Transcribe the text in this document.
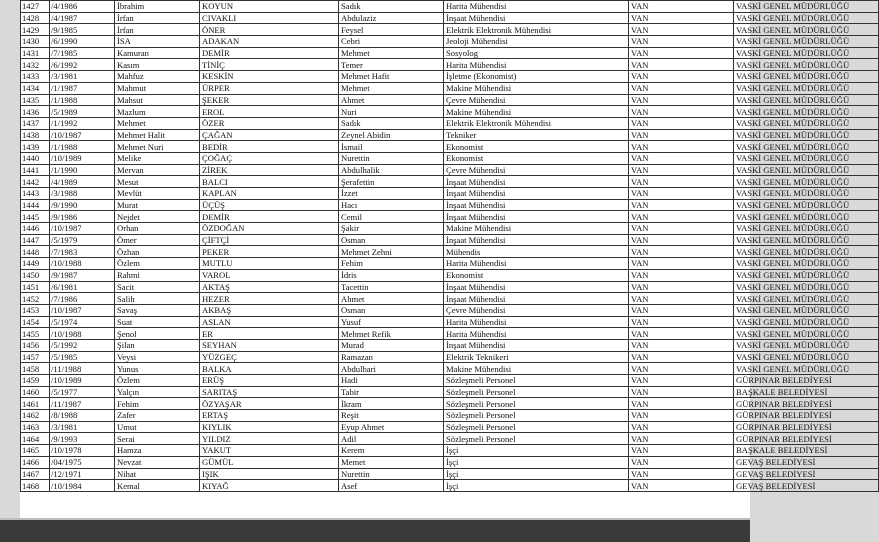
1427	/4/1986	İbrahim	KOYUN	Sadık	Harita Mühendisi	VAN	VASKİ GENEL MÜDÜRLÜĞÜ
1428	/4/1987	İrfan	CIVAKLI	Abdulaziz	İnşaat Mühendisi	VAN	VASKİ GENEL MÜDÜRLÜĞÜ
1429	/9/1985	İrfan	ÖNER	Feysel	Elektrik Elektronik Mühendisi	VAN	VASKİ GENEL MÜDÜRLÜĞÜ
1430	/6/1990	İSA	ADAKAN	Cebri	Jeoloji Mühendisi	VAN	VASKİ GENEL MÜDÜRLÜĞÜ
1431	/7/1985	Kamuran	DEMİR	Mehmet	Sosyolog	VAN	VASKİ GENEL MÜDÜRLÜĞÜ
1432	/6/1992	Kasım	TİNİÇ	Temer	Harita Mühendisi	VAN	VASKİ GENEL MÜDÜRLÜĞÜ
1433	/3/1981	Mahfuz	KESKİN	Mehmet Hafit	İşletme (Ekonomist)	VAN	VASKİ GENEL MÜDÜRLÜĞÜ
1434	/1/1987	Mahmut	ÜRPER	Mehmet	Makine Mühendisi	VAN	VASKİ GENEL MÜDÜRLÜĞÜ
1435	/1/1988	Mahsut	ŞEKER	Ahmet	Çevre Mühendisi	VAN	VASKİ GENEL MÜDÜRLÜĞÜ
1436	/5/1989	Mazlum	EROL	Nuri	Makine Mühendisi	VAN	VASKİ GENEL MÜDÜRLÜĞÜ
1437	/1/1992	Mehmet	ÖZER	Sadık	Elektrik Elektronik Mühendisi	VAN	VASKİ GENEL MÜDÜRLÜĞÜ
1438	/10/1987	Mehmet Halit	ÇAĞAN	Zeynel Abidin	Tekniker	VAN	VASKİ GENEL MÜDÜRLÜĞÜ
1439	/1/1988	Mehmet Nuri	BEDİR	İsmail	Ekonomist	VAN	VASKİ GENEL MÜDÜRLÜĞÜ
1440	/10/1989	Melike	ÇOĞAÇ	Nurettin	Ekonomist	VAN	VASKİ GENEL MÜDÜRLÜĞÜ
1441	/1/1990	Mervan	ZİREK	Abdulhalik	Çevre Mühendisi	VAN	VASKİ GENEL MÜDÜRLÜĞÜ
1442	/4/1989	Mesut	BALCI	Şerafettin	İnşaat Mühendisi	VAN	VASKİ GENEL MÜDÜRLÜĞÜ
1443	/3/1988	Mevlüt	KAPLAN	İzzet	İnşaat Mühendisi	VAN	VASKİ GENEL MÜDÜRLÜĞÜ
1444	/9/1990	Murat	ÜÇÜŞ	Hacı	İnşaat Mühendisi	VAN	VASKİ GENEL MÜDÜRLÜĞÜ
1445	/9/1986	Nejdet	DEMİR	Cemil	İnşaat Mühendisi	VAN	VASKİ GENEL MÜDÜRLÜĞÜ
1446	/10/1987	Orhan	ÖZDOĞAN	Şakir	Makine Mühendisi	VAN	VASKİ GENEL MÜDÜRLÜĞÜ
1447	/5/1979	Ömer	ÇİFTÇİ	Osman	İnşaat Mühendisi	VAN	VASKİ GENEL MÜDÜRLÜĞÜ
1448	/7/1983	Özhan	PEKER	Mehmet Zehni	Mühendis	VAN	VASKİ GENEL MÜDÜRLÜĞÜ
1449	/10/1988	Özlem	MUTLU	Fehim	Harita Mühendisi	VAN	VASKİ GENEL MÜDÜRLÜĞÜ
1450	/9/1987	Rahmi	VAROL	İdris	Ekonomist	VAN	VASKİ GENEL MÜDÜRLÜĞÜ
1451	/6/1981	Sacit	AKTAŞ	Tacettin	İnşaat Mühendisi	VAN	VASKİ GENEL MÜDÜRLÜĞÜ
1452	/7/1986	Salih	HEZER	Ahmet	İnşaat Mühendisi	VAN	VASKİ GENEL MÜDÜRLÜĞÜ
1453	/10/1987	Savaş	AKBAŞ	Osman	Çevre Mühendisi	VAN	VASKİ GENEL MÜDÜRLÜĞÜ
1454	/5/1974	Suat	ASLAN	Yusuf	Harita Mühendisi	VAN	VASKİ GENEL MÜDÜRLÜĞÜ
1455	/10/1988	Şenol	ER	Mehmet Refik	Harita Mühendisi	VAN	VASKİ GENEL MÜDÜRLÜĞÜ
1456	/5/1992	Şilan	SEYHAN	Murad	İnşaat Mühendisi	VAN	VASKİ GENEL MÜDÜRLÜĞÜ
1457	/5/1985	Veysi	YÜZGEÇ	Ramazan	Elektrik Teknikeri	VAN	VASKİ GENEL MÜDÜRLÜĞÜ
1458	/11/1988	Yunus	BALKA	Abdulbari	Makine Mühendisi	VAN	VASKİ GENEL MÜDÜRLÜĞÜ
1459	/10/1989	Özlem	ERÜŞ	Hadi	Sözleşmeli Personel	VAN	GÜRPINAR BELEDİYESİ
1460	/5/1977	Yalçın	SARITAŞ	Tabir	Sözleşmeli Personel	VAN	BAŞKALE BELEDİYESİ
1461	/11/1987	Fehim	ÖZYAŞAR	İkram	Sözleşmeli Personel	VAN	GÜRPINAR BELEDİYESİ
1462	/8/1988	Zafer	ERTAŞ	Reşit	Sözleşmeli Personel	VAN	GÜRPINAR BELEDİYESİ
1463	/3/1981	Umut	KIYLIK	Eyup Ahmet	Sözleşmeli Personel	VAN	GÜRPINAR BELEDİYESİ
1464	/9/1993	Serai	YILDIZ	Adil	Sözleşmeli Personel	VAN	GÜRPINAR BELEDİYESİ
1465	/10/1978	Hamza	YAKUT	Kerem	İşçi	VAN	BAŞKALE BELEDİYESİ
1466	/04/1975	Nevzat	GÜMÜL	Memet	İşçi	VAN	GEVAŞ BELEDİYESİ
1467	/12/1971	Nihat	IŞIK	Nurettin	İşçi	VAN	GEVAŞ BELEDİYESİ
1468	/10/1984	Kemal	KIYAĞ	Asef	İşçi	VAN	GEVAŞ BELEDİYESİ
